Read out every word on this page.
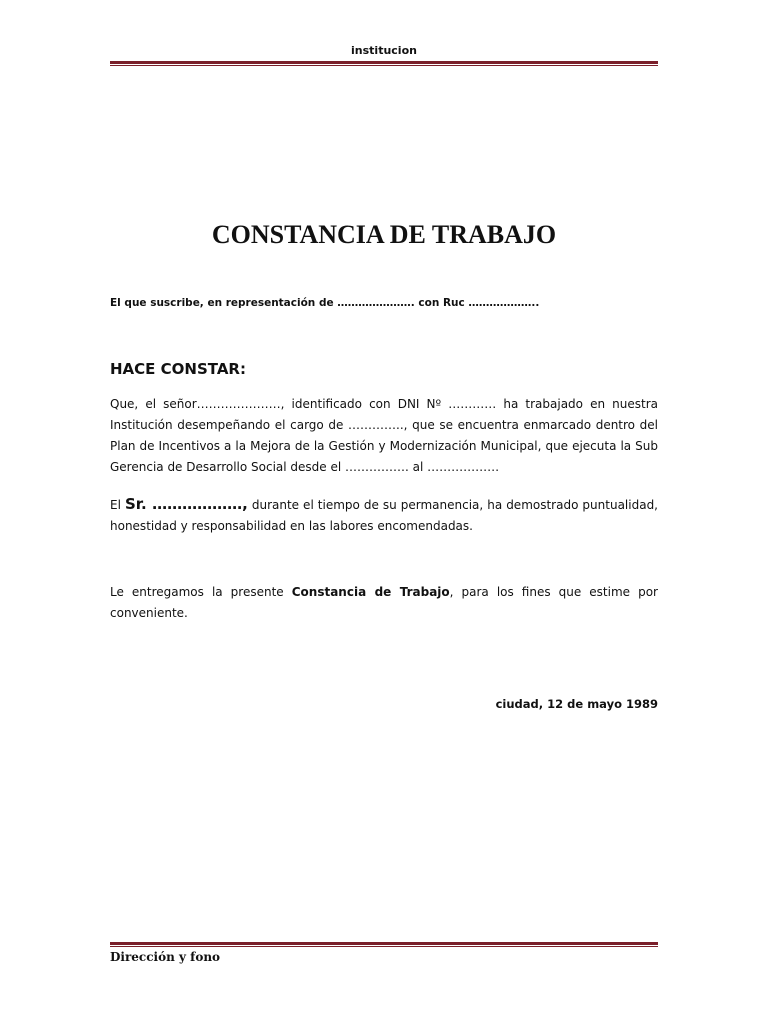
institucion
CONSTANCIA DE TRABAJO
El que suscribe, en representación de …………………. con Ruc ………………..
HACE CONSTAR:
Que, el señor…………………, identificado con DNI Nº ………… ha trabajado en nuestra Institución desempeñando el cargo de ………….., que se encuentra enmarcado dentro del Plan de Incentivos a la Mejora de la Gestión y Modernización Municipal, que ejecuta la Sub Gerencia de Desarrollo Social desde el ……………. al ………………
El Sr. ………………, durante el tiempo de su permanencia, ha demostrado puntualidad, honestidad y responsabilidad en las labores encomendadas.
Le entregamos la presente Constancia de Trabajo, para los fines que estime por conveniente.
ciudad, 12 de mayo 1989
Dirección y fono
